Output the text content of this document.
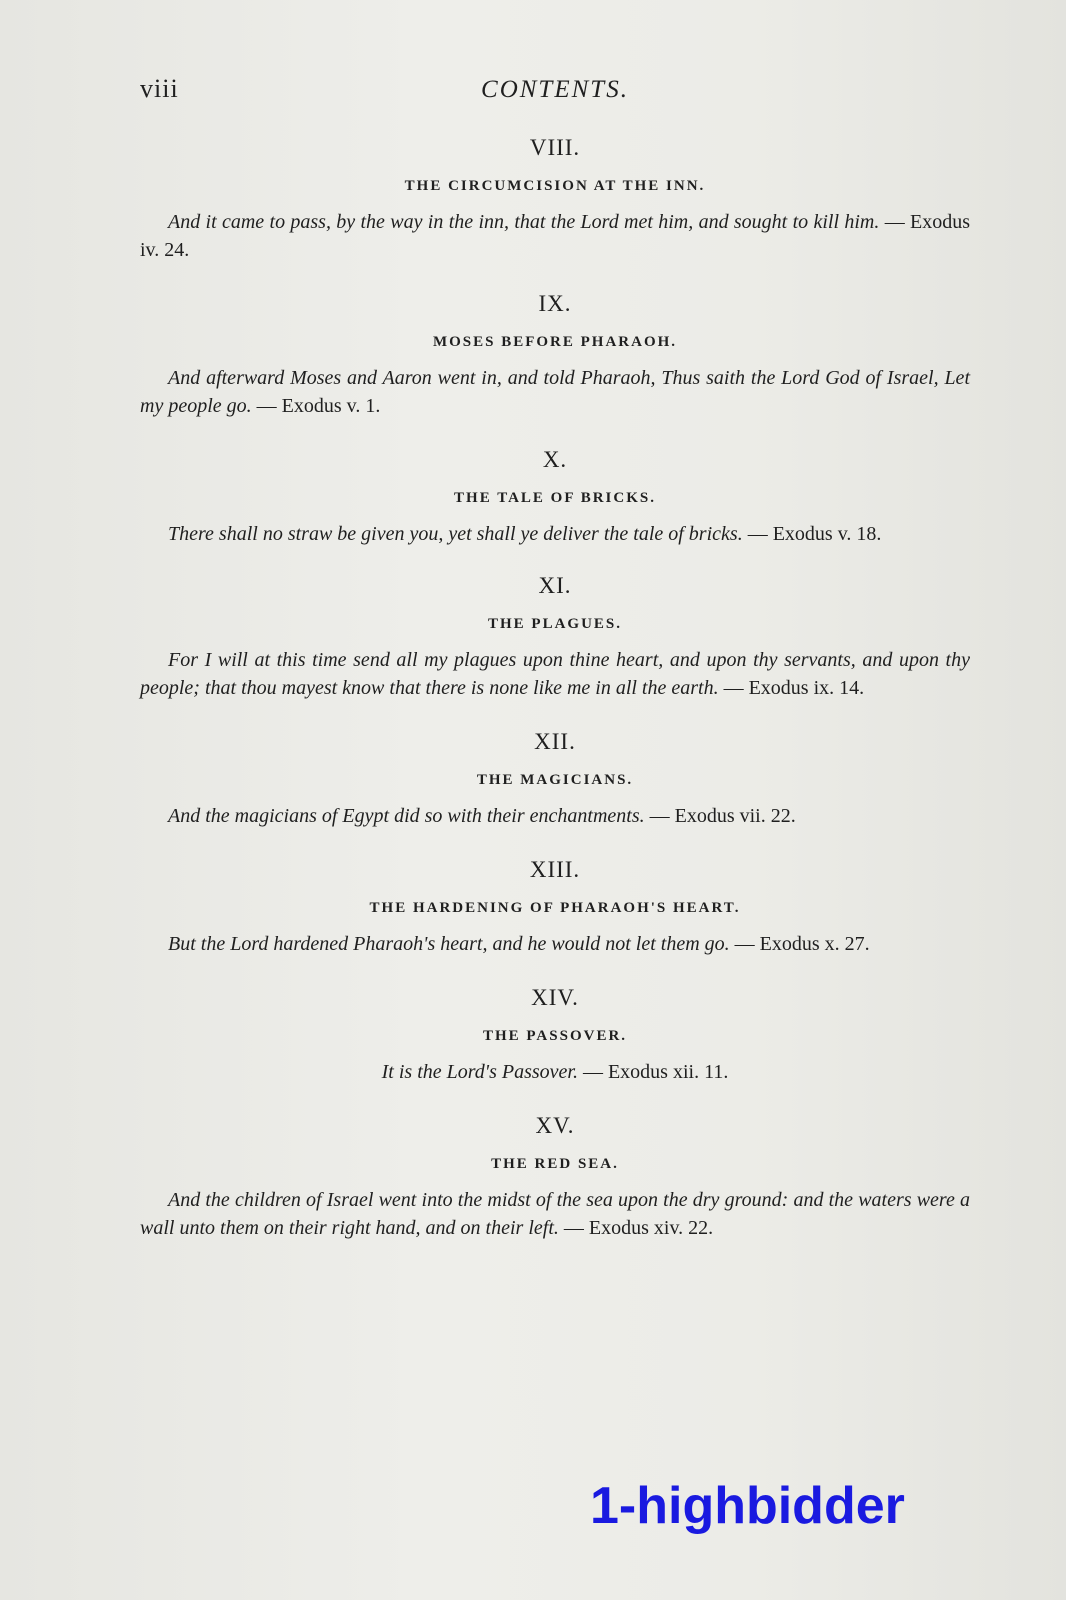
viii	CONTENTS.
VIII.
THE CIRCUMCISION AT THE INN.

And it came to pass, by the way in the inn, that the Lord met him, and sought to kill him. — Exodus iv. 24.

IX.
MOSES BEFORE PHARAOH.

And afterward Moses and Aaron went in, and told Pharaoh, Thus saith the Lord God of Israel, Let my people go. — Exodus v. 1.

X.
THE TALE OF BRICKS.

There shall no straw be given you, yet shall ye deliver the tale of bricks. — Exodus v. 18.

XI.
THE PLAGUES.

For I will at this time send all my plagues upon thine heart, and upon thy servants, and upon thy people; that thou mayest know that there is none like me in all the earth. — Exodus ix. 14.

XII.
THE MAGICIANS.

And the magicians of Egypt did so with their enchantments. — Exodus vii. 22.

XIII.
THE HARDENING OF PHARAOH'S HEART.

But the Lord hardened Pharaoh's heart, and he would not let them go. — Exodus x. 27.

XIV.
THE PASSOVER.

It is the Lord's Passover. — Exodus xii. 11.

XV.
THE RED SEA.

And the children of Israel went into the midst of the sea upon the dry ground: and the waters were a wall unto them on their right hand, and on their left. — Exodus xiv. 22.

1-highbidder
